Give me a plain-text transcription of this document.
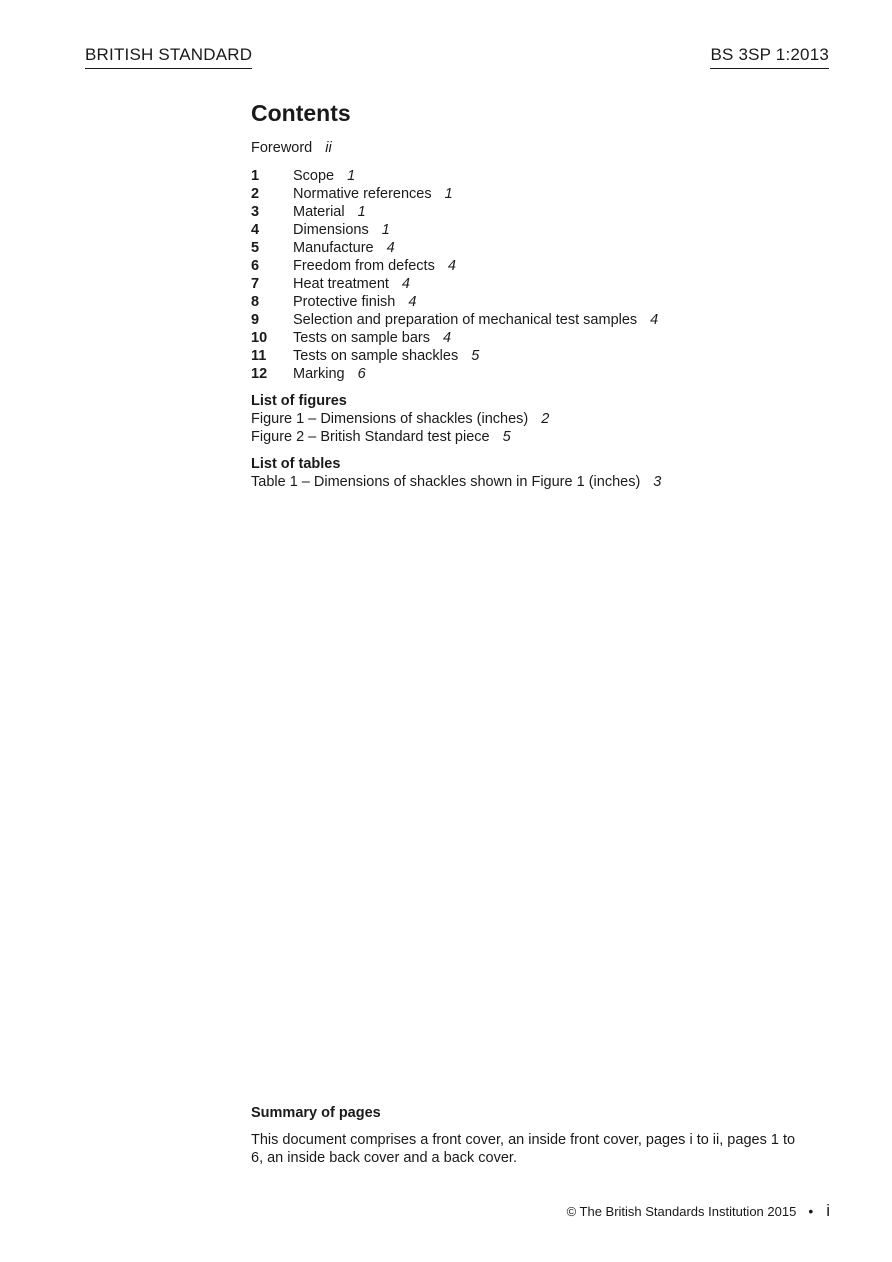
BRITISH STANDARD	BS 3SP 1:2013
Contents
Foreword ii
1	Scope 1
2	Normative references 1
3	Material 1
4	Dimensions 1
5	Manufacture 4
6	Freedom from defects 4
7	Heat treatment 4
8	Protective finish 4
9	Selection and preparation of mechanical test samples 4
10	Tests on sample bars 4
11	Tests on sample shackles 5
12	Marking 6
List of figures
Figure 1 – Dimensions of shackles (inches) 2
Figure 2 – British Standard test piece 5
List of tables
Table 1 – Dimensions of shackles shown in Figure 1 (inches) 3
Summary of pages
This document comprises a front cover, an inside front cover, pages i to ii, pages 1 to 6, an inside back cover and a back cover.
© The British Standards Institution 2015 • i
